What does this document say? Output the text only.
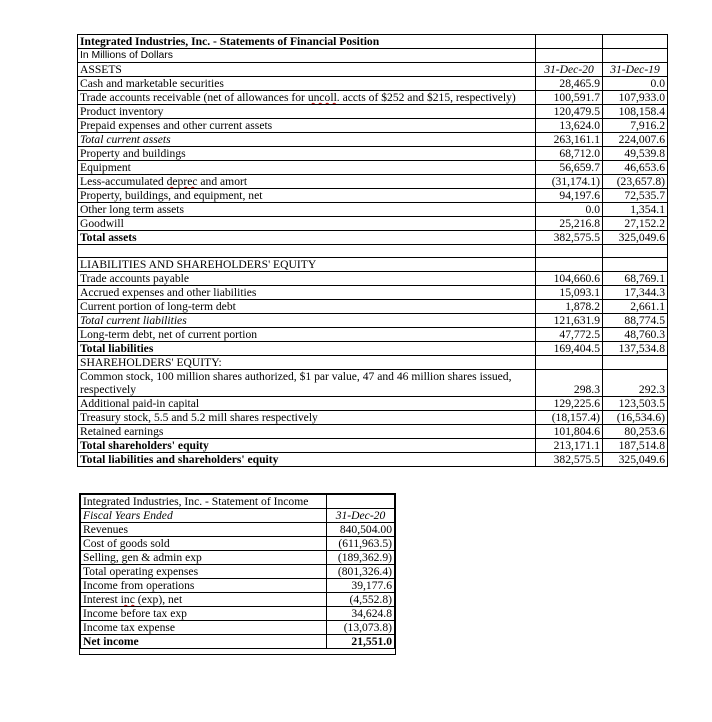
Integrated Industries, Inc. - Statements of Financial Position		
In Millions of Dollars		
ASSETS	31-Dec-20	31-Dec-19
Cash and marketable securities	28,465.9	0.0
Trade accounts receivable (net of allowances for uncoll. accts of $252 and $215, respectively)	100,591.7	107,933.0
Product inventory	120,479.5	108,158.4
Prepaid expenses and other current assets	13,624.0	7,916.2
Total current assets	263,161.1	224,007.6
Property and buildings	68,712.0	49,539.8
Equipment	56,659.7	46,653.6
Less-accumulated deprec and amort	(31,174.1)	(23,657.8)
Property, buildings, and equipment, net	94,197.6	72,535.7
Other long term assets	0.0	1,354.1
Goodwill	25,216.8	27,152.2
Total assets	382,575.5	325,049.6

LIABILITIES AND SHAREHOLDERS' EQUITY		
Trade accounts payable	104,660.6	68,769.1
Accrued expenses and other liabilities	15,093.1	17,344.3
Current portion of long-term debt	1,878.2	2,661.1
Total current liabilities	121,631.9	88,774.5
Long-term debt, net of current portion	47,772.5	48,760.3
Total liabilities	169,404.5	137,534.8
SHAREHOLDERS' EQUITY:		
Common stock, 100 million shares authorized, $1 par value, 47 and 46 million shares issued, respectively	298.3	292.3
Additional paid-in capital	129,225.6	123,503.5
Treasury stock, 5.5 and 5.2 mill shares respectively	(18,157.4)	(16,534.6)
Retained earnings	101,804.6	80,253.6
Total shareholders' equity	213,171.1	187,514.8
Total liabilities and shareholders' equity	382,575.5	325,049.6
Integrated Industries, Inc. - Statement of Income	
Fiscal Years Ended	31-Dec-20
Revenues	840,504.00
Cost of goods sold	(611,963.5)
Selling, gen & admin exp	(189,362.9)
Total operating expenses	(801,326.4)
Income from operations	39,177.6
Interest inc (exp), net	(4,552.8)
Income before tax exp	34,624.8
Income tax expense	(13,073.8)
Net income	21,551.0
